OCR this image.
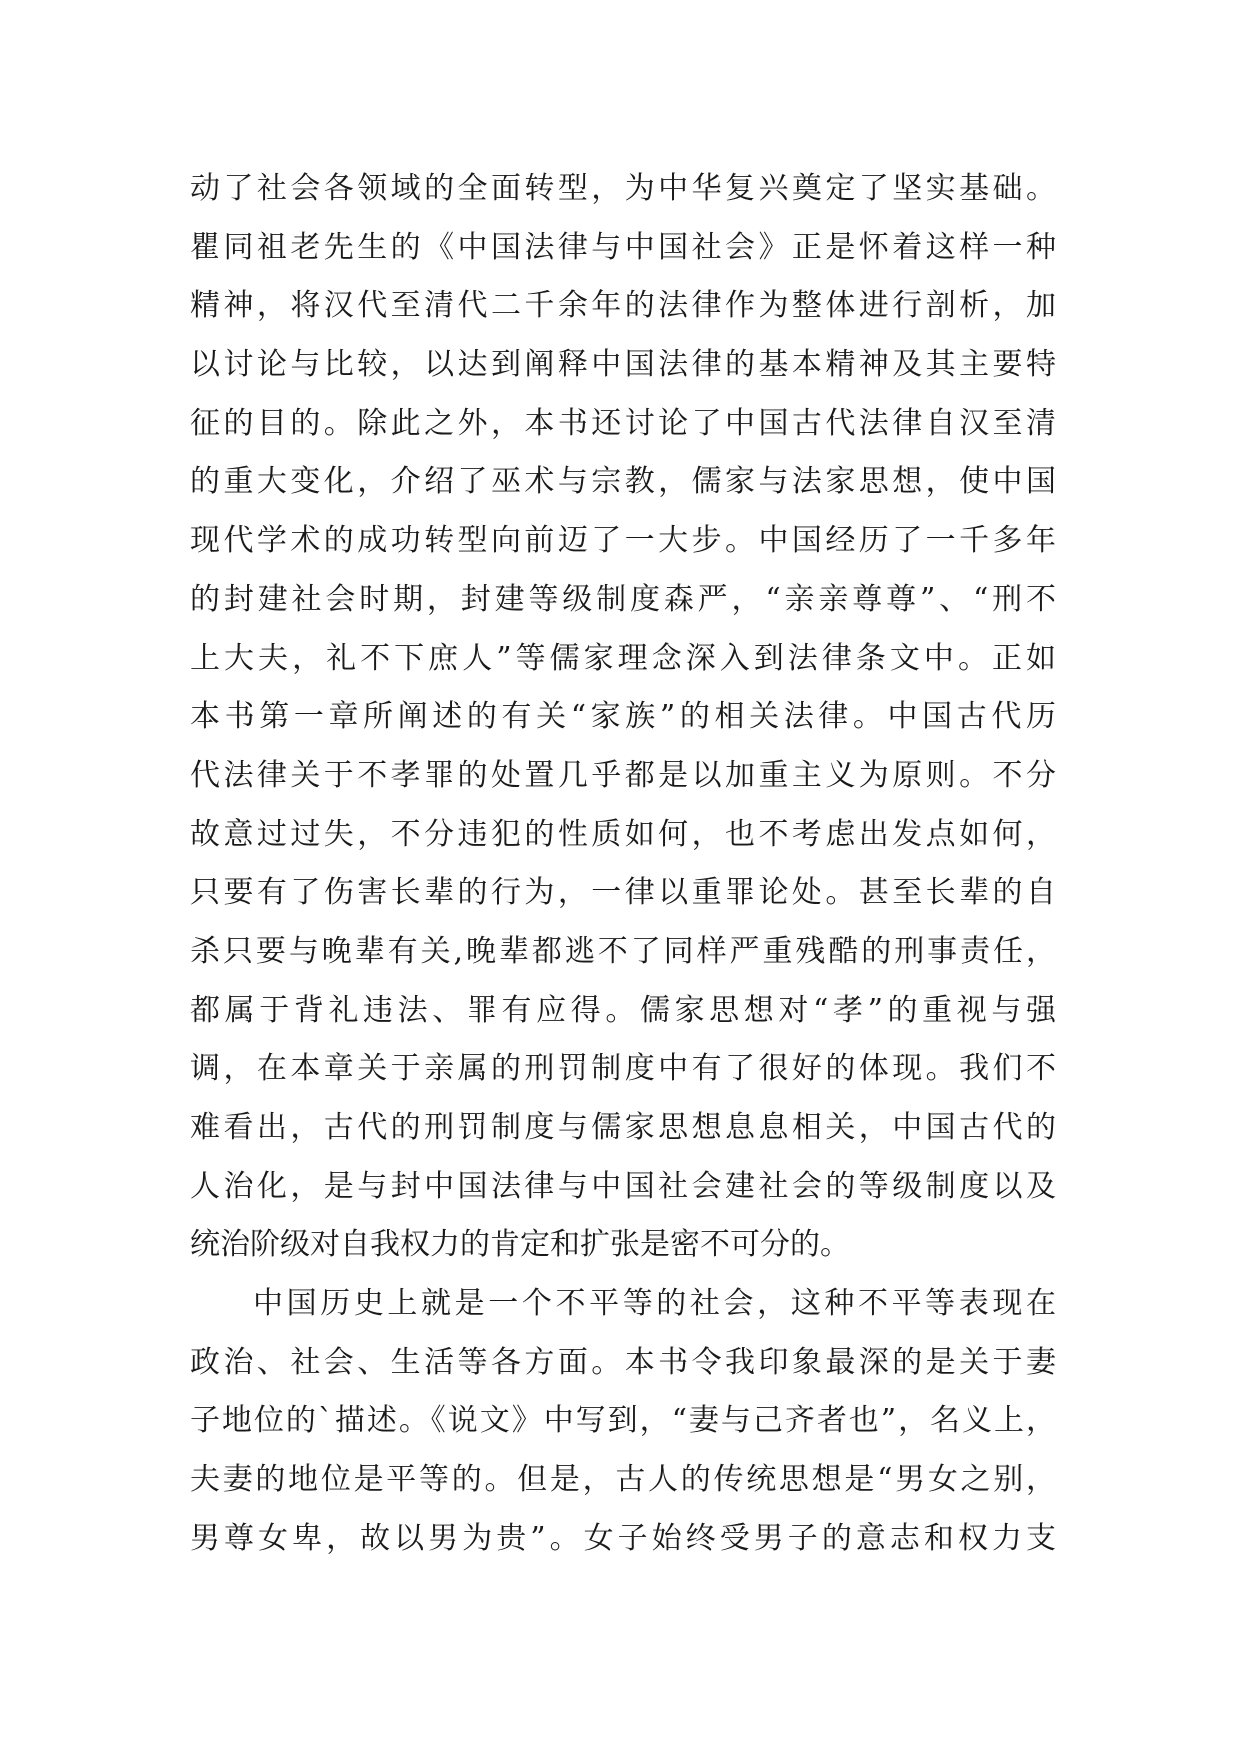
动了社会各领域的全面转型，为中华复兴奠定了坚实基础。
瞿同祖老先生的《中国法律与中国社会》正是怀着这样一种
精神，将汉代至清代二千余年的法律作为整体进行剖析，加
以讨论与比较，以达到阐释中国法律的基本精神及其主要特
征的目的。除此之外，本书还讨论了中国古代法律自汉至清
的重大变化，介绍了巫术与宗教，儒家与法家思想，使中国
现代学术的成功转型向前迈了一大步。中国经历了一千多年
的封建社会时期，封建等级制度森严，“亲亲尊尊”、“刑不
上大夫，礼不下庶人”等儒家理念深入到法律条文中。正如
本书第一章所阐述的有关“家族”的相关法律。中国古代历
代法律关于不孝罪的处置几乎都是以加重主义为原则。不分
故意过过失，不分违犯的性质如何，也不考虑出发点如何，
只要有了伤害长辈的行为，一律以重罪论处。甚至长辈的自
杀只要与晚辈有关,晚辈都逃不了同样严重残酷的刑事责任，
都属于背礼违法、罪有应得。儒家思想对“孝”的重视与强
调，在本章关于亲属的刑罚制度中有了很好的体现。我们不
难看出，古代的刑罚制度与儒家思想息息相关，中国古代的
人治化，是与封中国法律与中国社会建社会的等级制度以及
统治阶级对自我权力的肯定和扩张是密不可分的。
中国历史上就是一个不平等的社会，这种不平等表现在
政治、社会、生活等各方面。本书令我印象最深的是关于妻
子地位的`描述。《说文》中写到，“妻与己齐者也”，名义上，
夫妻的地位是平等的。但是，古人的传统思想是“男女之别，
男尊女卑，故以男为贵”。女子始终受男子的意志和权力支
